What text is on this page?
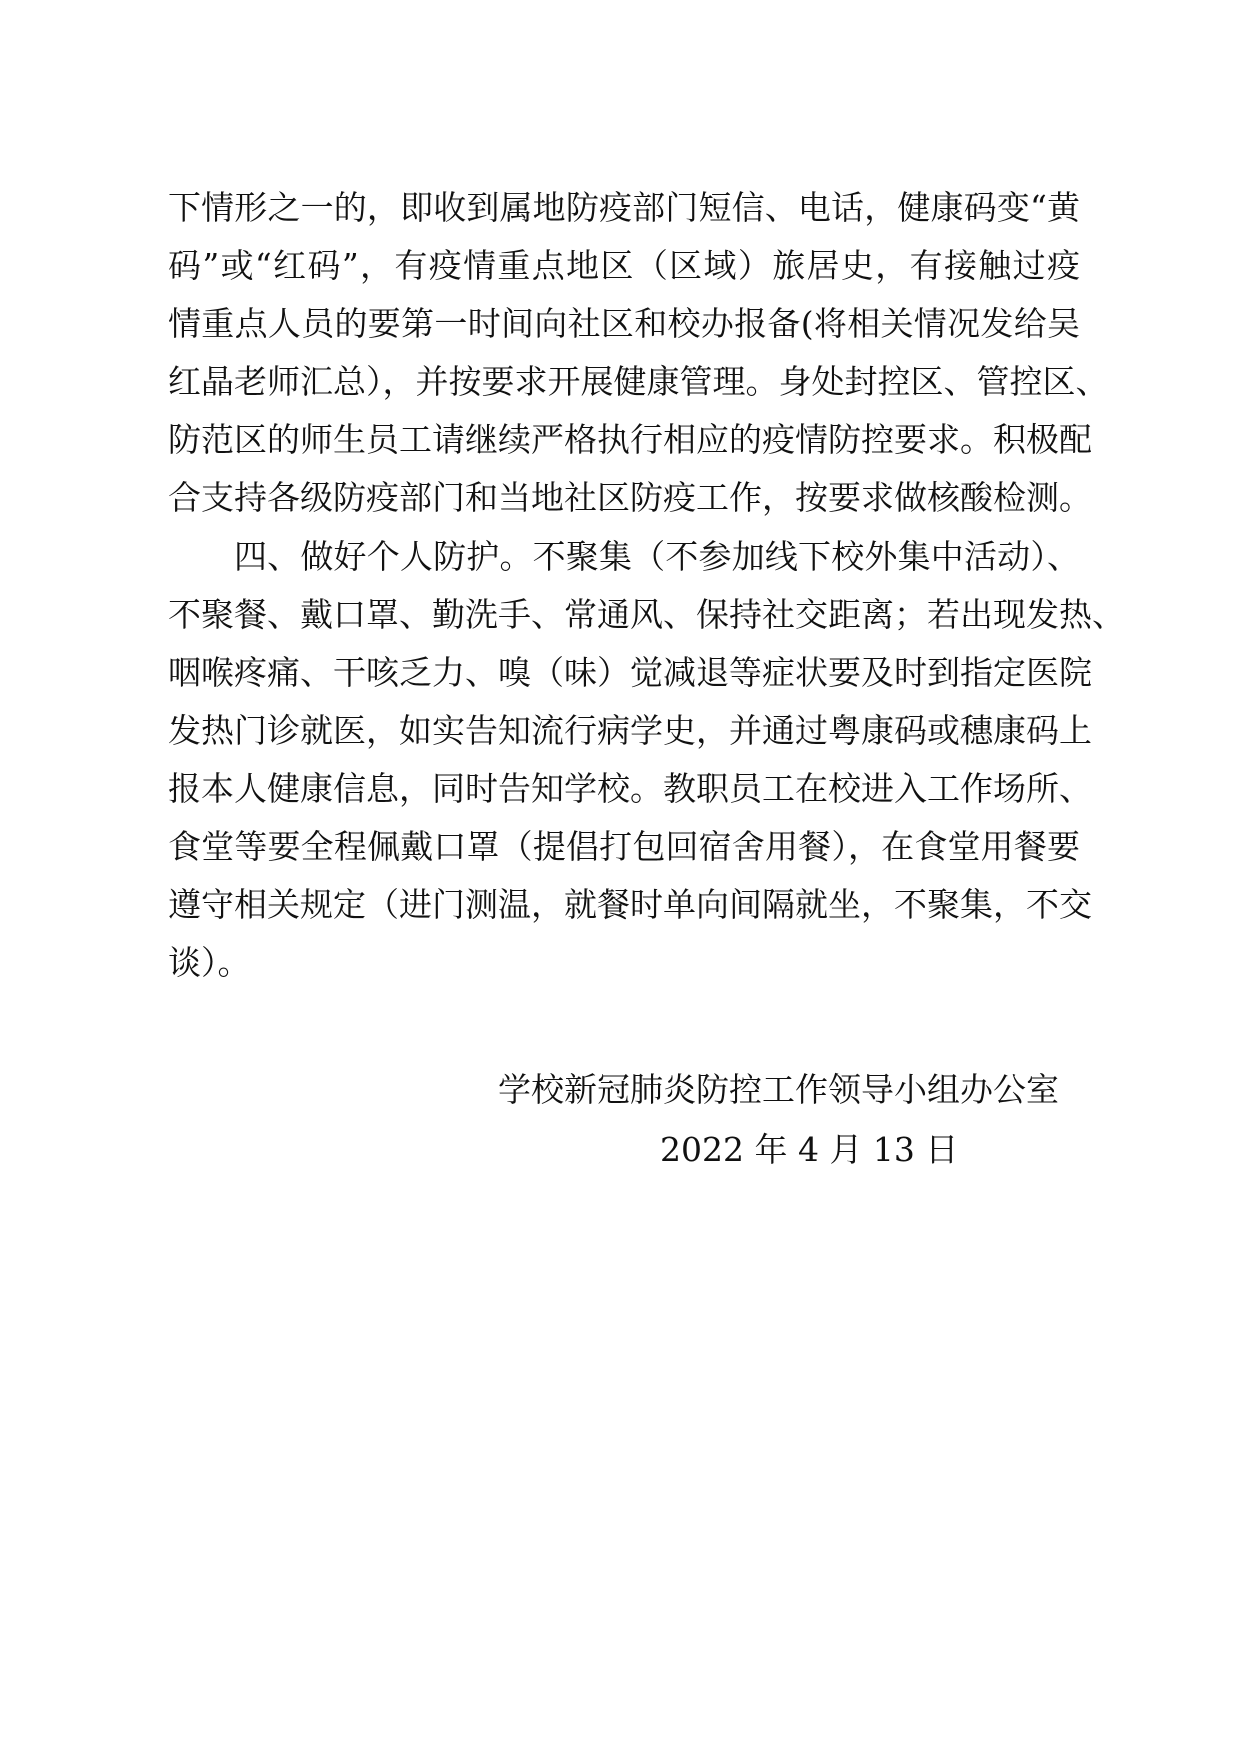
下情形之一的，即收到属地防疫部门短信、电话，健康码变“黄
码”或“红码”，有疫情重点地区（区域）旅居史，有接触过疫
情重点人员的要第一时间向社区和校办报备(将相关情况发给吴
红晶老师汇总），并按要求开展健康管理。身处封控区、管控区、
防范区的师生员工请继续严格执行相应的疫情防控要求。积极配
合支持各级防疫部门和当地社区防疫工作，按要求做核酸检测。
四、做好个人防护。不聚集（不参加线下校外集中活动）、
不聚餐、戴口罩、勤洗手、常通风、保持社交距离；若出现发热、
咽喉疼痛、干咳乏力、嗅（味）觉减退等症状要及时到指定医院
发热门诊就医，如实告知流行病学史，并通过粤康码或穗康码上
报本人健康信息，同时告知学校。教职员工在校进入工作场所、
食堂等要全程佩戴口罩（提倡打包回宿舍用餐），在食堂用餐要
遵守相关规定（进门测温，就餐时单向间隔就坐，不聚集，不交
谈）。
学校新冠肺炎防控工作领导小组办公室
2022 年 4 月 13 日
